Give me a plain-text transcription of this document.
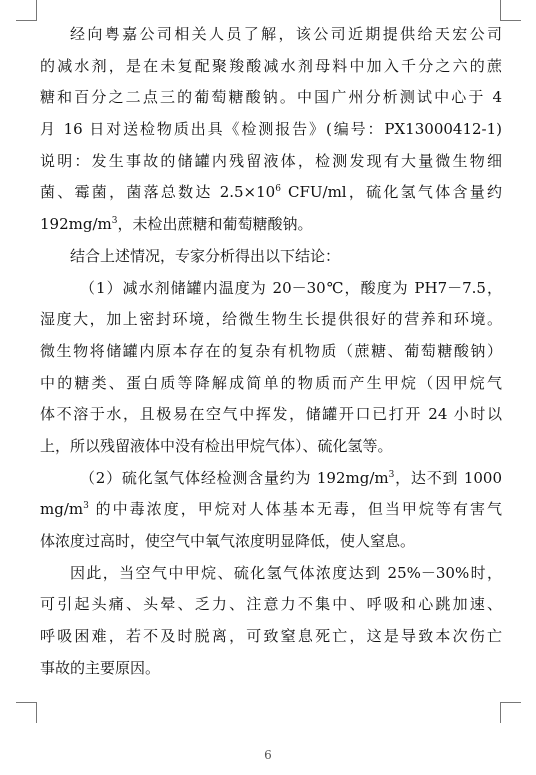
经向粤嘉公司相关人员了解，该公司近期提供给天宏公司
的减水剂，是在未复配聚羧酸减水剂母料中加入千分之六的蔗
糖和百分之二点三的葡萄糖酸钠。中国广州分析测试中心于 4
月 16 日对送检物质出具《检测报告》(编号：PX13000412-1)
说明：发生事故的储罐内残留液体，检测发现有大量微生物细
菌、霉菌，菌落总数达 $2.5\times 10^6$ CFU/ml，硫化氢气体含量约
$192mg/m^3$，未检出蔗糖和葡萄糖酸钠。
结合上述情况，专家分析得出以下结论：
（1）减水剂储罐内温度为 20－30℃，酸度为 PH7－7.5，
湿度大，加上密封环境，给微生物生长提供很好的营养和环境。
微生物将储罐内原本存在的复杂有机物质（蔗糖、葡萄糖酸钠）
中的糖类、蛋白质等降解成简单的物质而产生甲烷（因甲烷气
体不溶于水，且极易在空气中挥发，储罐开口已打开 24 小时以
上，所以残留液体中没有检出甲烷气体）、硫化氢等。
（2）硫化氢气体经检测含量约为 $192mg/m^3$，达不到 1000
$mg/m^3$ 的中毒浓度，甲烷对人体基本无毒，但当甲烷等有害气
体浓度过高时，使空气中氧气浓度明显降低，使人窒息。
因此，当空气中甲烷、硫化氢气体浓度达到 25%－30%时，
可引起头痛、头晕、乏力、注意力不集中、呼吸和心跳加速、
呼吸困难，若不及时脱离，可致窒息死亡，这是导致本次伤亡
事故的主要原因。
6
